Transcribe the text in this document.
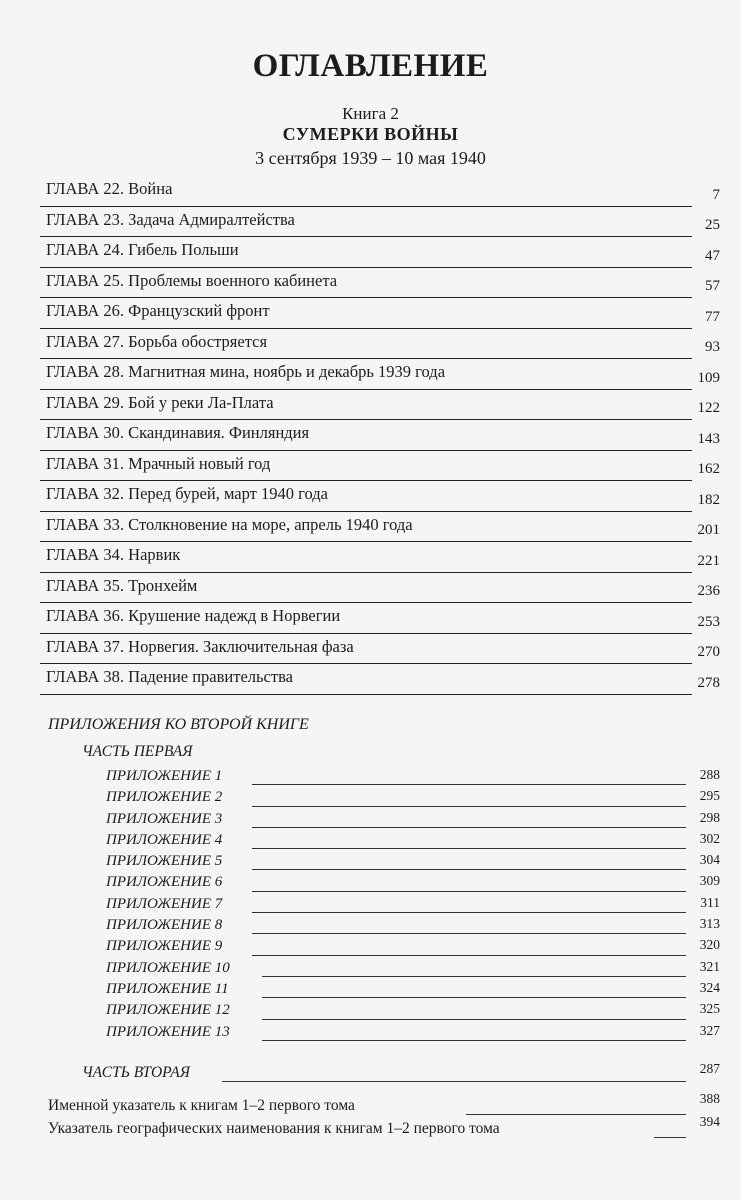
ОГЛАВЛЕНИЕ
Книга 2
СУМЕРКИ ВОЙНЫ
3 сентября 1939 – 10 мая 1940
ГЛАВА 22. Война	7
ГЛАВА 23. Задача Адмиралтейства	25
ГЛАВА 24. Гибель Польши	47
ГЛАВА 25. Проблемы военного кабинета	57
ГЛАВА 26. Французский фронт	77
ГЛАВА 27. Борьба обостряется	93
ГЛАВА 28. Магнитная мина, ноябрь и декабрь 1939 года	109
ГЛАВА 29. Бой у реки Ла-Плата	122
ГЛАВА 30. Скандинавия. Финляндия	143
ГЛАВА 31. Мрачный новый год	162
ГЛАВА 32. Перед бурей, март 1940 года	182
ГЛАВА 33. Столкновение на море, апрель 1940 года	201
ГЛАВА 34. Нарвик	221
ГЛАВА 35. Тронхейм	236
ГЛАВА 36. Крушение надежд в Норвегии	253
ГЛАВА 37. Норвегия. Заключительная фаза	270
ГЛАВА 38. Падение правительства	278
ПРИЛОЖЕНИЯ КО ВТОРОЙ КНИГЕ
ЧАСТЬ ПЕРВАЯ
ПРИЛОЖЕНИЕ 1	288
ПРИЛОЖЕНИЕ 2	295
ПРИЛОЖЕНИЕ 3	298
ПРИЛОЖЕНИЕ 4	302
ПРИЛОЖЕНИЕ 5	304
ПРИЛОЖЕНИЕ 6	309
ПРИЛОЖЕНИЕ 7	311
ПРИЛОЖЕНИЕ 8	313
ПРИЛОЖЕНИЕ 9	320
ПРИЛОЖЕНИЕ 10	321
ПРИЛОЖЕНИЕ 11	324
ПРИЛОЖЕНИЕ 12	325
ПРИЛОЖЕНИЕ 13	327
ЧАСТЬ ВТОРАЯ	287
Именной указатель к книгам 1–2 первого тома	388
Указатель географических наименования к книгам 1–2 первого тома	394
